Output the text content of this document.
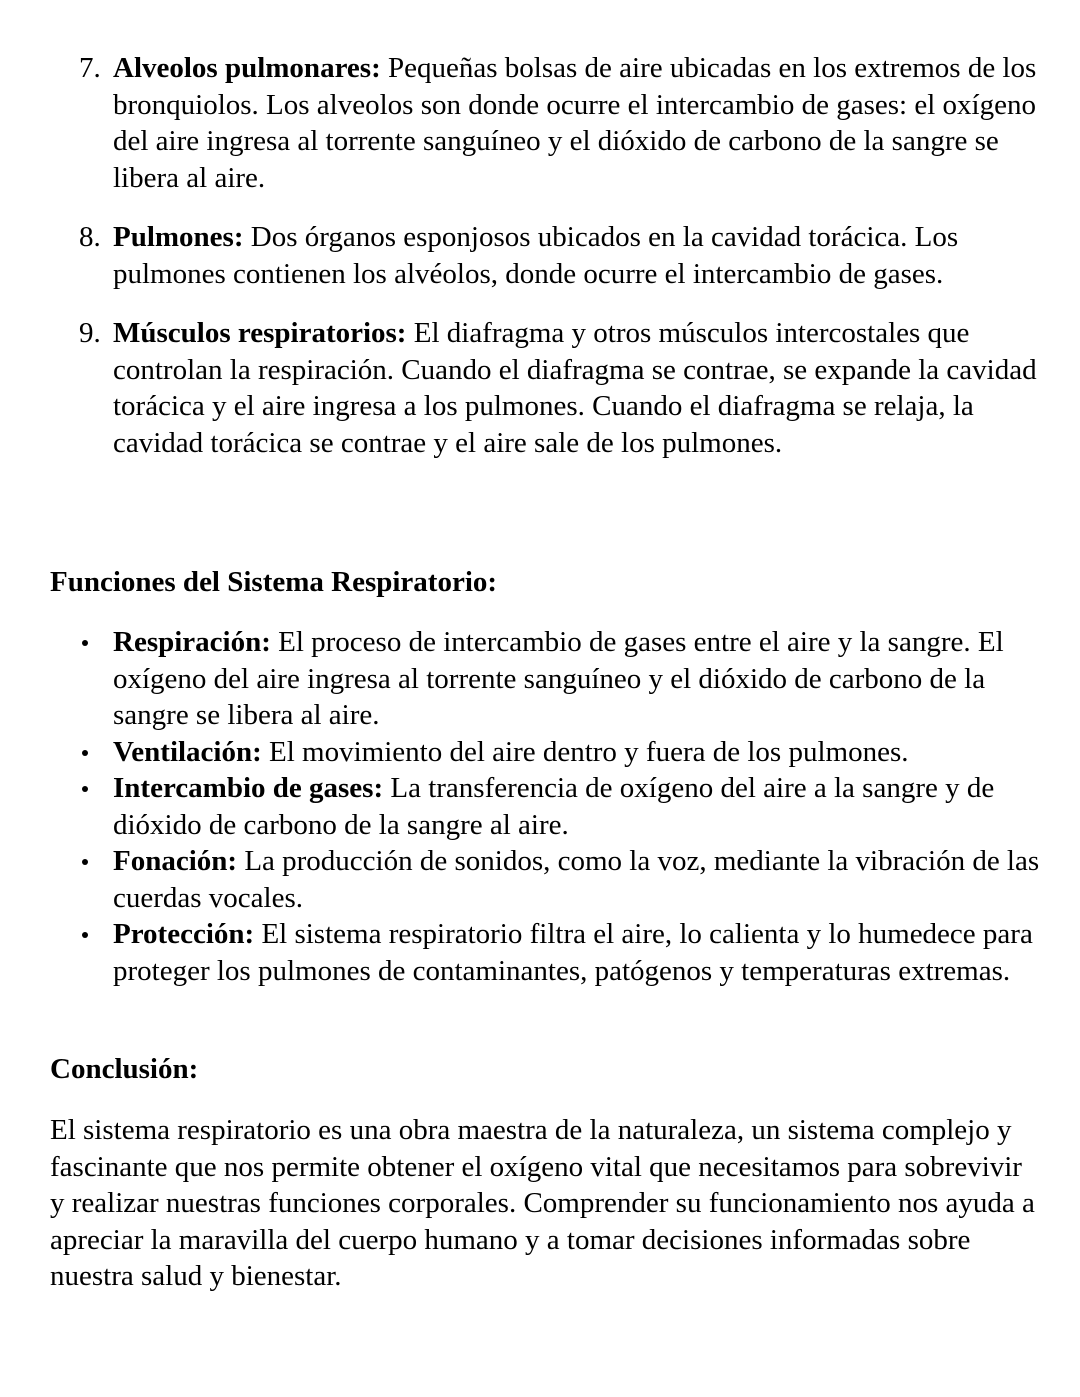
7. Alveolos pulmonares: Pequeñas bolsas de aire ubicadas en los extremos de los bronquiolos. Los alveolos son donde ocurre el intercambio de gases: el oxígeno del aire ingresa al torrente sanguíneo y el dióxido de carbono de la sangre se libera al aire.
8. Pulmones: Dos órganos esponjosos ubicados en la cavidad torácica. Los pulmones contienen los alvéolos, donde ocurre el intercambio de gases.
9. Músculos respiratorios: El diafragma y otros músculos intercostales que controlan la respiración. Cuando el diafragma se contrae, se expande la cavidad torácica y el aire ingresa a los pulmones. Cuando el diafragma se relaja, la cavidad torácica se contrae y el aire sale de los pulmones.
Funciones del Sistema Respiratorio:
Respiración: El proceso de intercambio de gases entre el aire y la sangre. El oxígeno del aire ingresa al torrente sanguíneo y el dióxido de carbono de la sangre se libera al aire.
Ventilación: El movimiento del aire dentro y fuera de los pulmones.
Intercambio de gases: La transferencia de oxígeno del aire a la sangre y de dióxido de carbono de la sangre al aire.
Fonación: La producción de sonidos, como la voz, mediante la vibración de las cuerdas vocales.
Protección: El sistema respiratorio filtra el aire, lo calienta y lo humedece para proteger los pulmones de contaminantes, patógenos y temperaturas extremas.
Conclusión:

El sistema respiratorio es una obra maestra de la naturaleza, un sistema complejo y fascinante que nos permite obtener el oxígeno vital que necesitamos para sobrevivir y realizar nuestras funciones corporales. Comprender su funcionamiento nos ayuda a apreciar la maravilla del cuerpo humano y a tomar decisiones informadas sobre nuestra salud y bienestar.
